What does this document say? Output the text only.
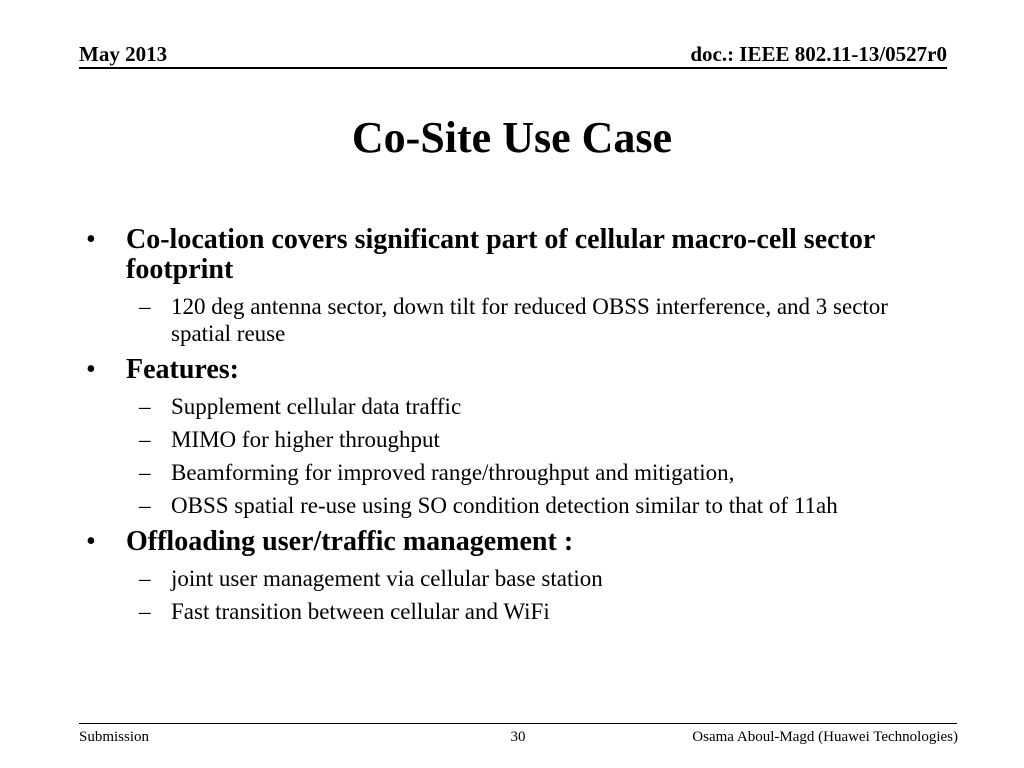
May 2013	doc.: IEEE 802.11-13/0527r0
Co-Site Use Case
• Co-location covers significant part of cellular macro-cell sector footprint
– 120 deg antenna sector, down tilt for reduced OBSS interference, and 3 sector spatial reuse
• Features:
– Supplement cellular data traffic
– MIMO for higher throughput
– Beamforming for improved range/throughput and mitigation,
– OBSS spatial re-use using SO condition detection similar to that of 11ah
• Offloading user/traffic management :
– joint user management via cellular base station
– Fast transition between cellular and WiFi
Submission	30	Osama Aboul-Magd (Huawei Technologies)
